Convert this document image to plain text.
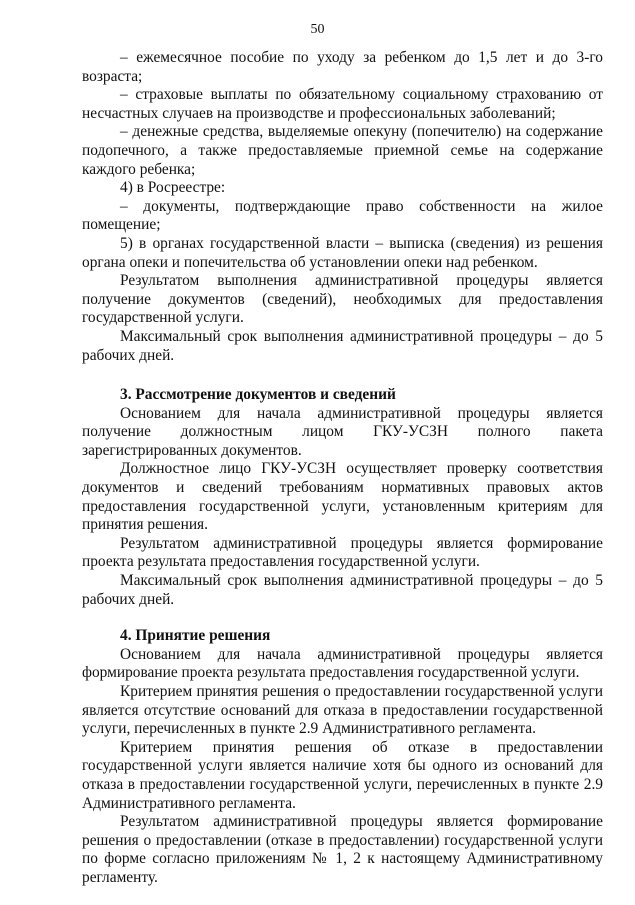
50

– ежемесячное пособие по уходу за ребенком до 1,5 лет и до 3-го возраста;

– страховые выплаты по обязательному социальному страхованию от несчастных случаев на производстве и профессиональных заболеваний;

– денежные средства, выделяемые опекуну (попечителю) на содержание подопечного, а также предоставляемые приемной семье на содержание каждого ребенка;

4) в Росреестре:

– документы, подтверждающие право собственности на жилое помещение;

5) в органах государственной власти – выписка (сведения) из решения органа опеки и попечительства об установлении опеки над ребенком.

Результатом выполнения административной процедуры является получение документов (сведений), необходимых для предоставления государственной услуги.

Максимальный срок выполнения административной процедуры – до 5 рабочих дней.

3. Рассмотрение документов и сведений

Основанием для начала административной процедуры является получение должностным лицом ГКУ-УСЗН полного пакета зарегистрированных документов.

Должностное лицо ГКУ-УСЗН осуществляет проверку соответствия документов и сведений требованиям нормативных правовых актов предоставления государственной услуги, установленным критериям для принятия решения.

Результатом административной процедуры является формирование проекта результата предоставления государственной услуги.

Максимальный срок выполнения административной процедуры – до 5 рабочих дней.

4. Принятие решения

Основанием для начала административной процедуры является формирование проекта результата предоставления государственной услуги.

Критерием принятия решения о предоставлении государственной услуги является отсутствие оснований для отказа в предоставлении государственной услуги, перечисленных в пункте 2.9 Административного регламента.

Критерием принятия решения об отказе в предоставлении государственной услуги является наличие хотя бы одного из оснований для отказа в предоставлении государственной услуги, перечисленных в пункте 2.9 Административного регламента.

Результатом административной процедуры является формирование решения о предоставлении (отказе в предоставлении) государственной услуги по форме согласно приложениям № 1, 2 к настоящему Административному регламенту.
